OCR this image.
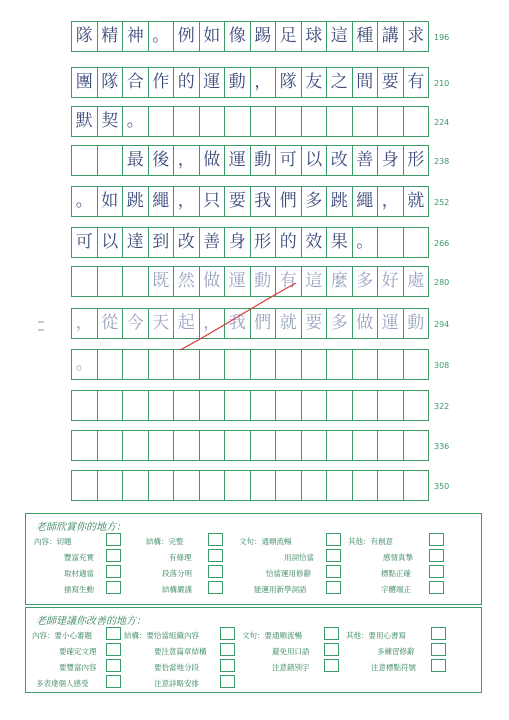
隊 精 神 。 例 如 像 踢 足 球 這 種 講 求
團 隊 合 作 的 運 動 ， 隊 友 之 間 要 有
默 契 。
最 後 ， 做 運 動 可 以 改 善 身 形
。 如 跳 繩 ， 只 要 我 們 多 跳 繩 ， 就
可 以 達 到 改 善 身 形 的 效 果 。
既 然 做 運 動 有 這 麼 多 好 處
， 從 今 天 起 ， 我 們 就 要 多 做 運 動
。
196
210
224
238
252
266
280
294
308
322
336
350
老師欣賞你的地方：
內容：切題	結構：完整	文句：通順流暢	其他：有創意
豐富充實	有條理	用詞恰當	感情真摯
取材適當	段落分明	恰當運用修辭	標點正確
描寫生動	結構嚴謹	能運用新學詞語	字體端正
老師建議你改善的地方：
內容：要小心審題	結構：要恰當組織內容	文句：要通順流暢	其他：要用心書寫
要確定文理	要注意篇章結構	避免用口語	多練習修辭
要豐富內容	要恰當地分段	注意錯別字	注意標點符號
多表達個人感受	注意詳略安排
